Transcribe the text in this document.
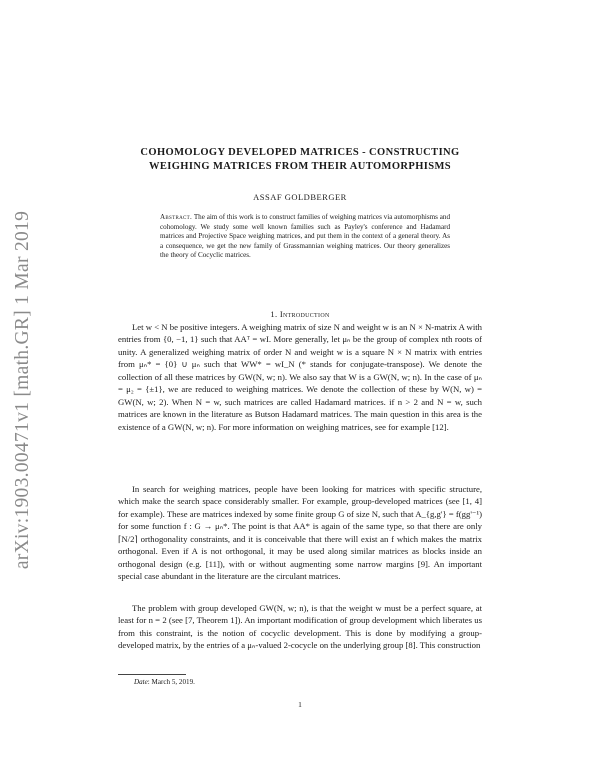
arXiv:1903.00471v1 [math.GR] 1 Mar 2019
COHOMOLOGY DEVELOPED MATRICES - CONSTRUCTING
WEIGHING MATRICES FROM THEIR AUTOMORPHISMS
ASSAF GOLDBERGER
Abstract. The aim of this work is to construct families of weighing matrices via automorphisms and cohomology. We study some well known families such as Payley's conference and Hadamard matrices and Projective Space weighing matrices, and put them in the context of a general theory. As a consequence, we get the new family of Grassmannian weighing matrices. Our theory generalizes the theory of Cocyclic matrices.
1. Introduction
Let w < N be positive integers. A weighing matrix of size N and weight w is an N × N-matrix A with entries from {0, −1, 1} such that AAᵀ = wI. More generally, let μₙ be the group of complex nth roots of unity. A generalized weighing matrix of order N and weight w is a square N × N matrix with entries from μₙ* = {0} ∪ μₙ such that WW* = wI_N (* stands for conjugate-transpose). We denote the collection of all these matrices by GW(N, w; n). We also say that W is a GW(N, w; n). In the case of μₙ = μ₂ = {±1}, we are reduced to weighing matrices. We denote the collection of these by W(N, w) = GW(N, w; 2). When N = w, such matrices are called Hadamard matrices. if n > 2 and N = w, such matrices are known in the literature as Butson Hadamard matrices. The main question in this area is the existence of a GW(N, w; n). For more information on weighing matrices, see for example [12].
In search for weighing matrices, people have been looking for matrices with specific structure, which make the search space considerably smaller. For example, group-developed matrices (see [1, 4] for example). These are matrices indexed by some finite group G of size N, such that A_{g,g'} = f(gg'⁻¹) for some function f : G → μₙ*. The point is that AA* is again of the same type, so that there are only ⌈N/2⌉ orthogonality constraints, and it is conceivable that there will exist an f which makes the matrix orthogonal. Even if A is not orthogonal, it may be used along similar matrices as blocks inside an orthogonal design (e.g. [11]), with or without augmenting some narrow margins [9]. An important special case abundant in the literature are the circulant matrices.
The problem with group developed GW(N, w; n), is that the weight w must be a perfect square, at least for n = 2 (see [7, Theorem 1]). An important modification of group development which liberates us from this constraint, is the notion of cocyclic development. This is done by modifying a group-developed matrix, by the entries of a μₙ-valued 2-cocycle on the underlying group [8]. This construction
Date: March 5, 2019.
1
